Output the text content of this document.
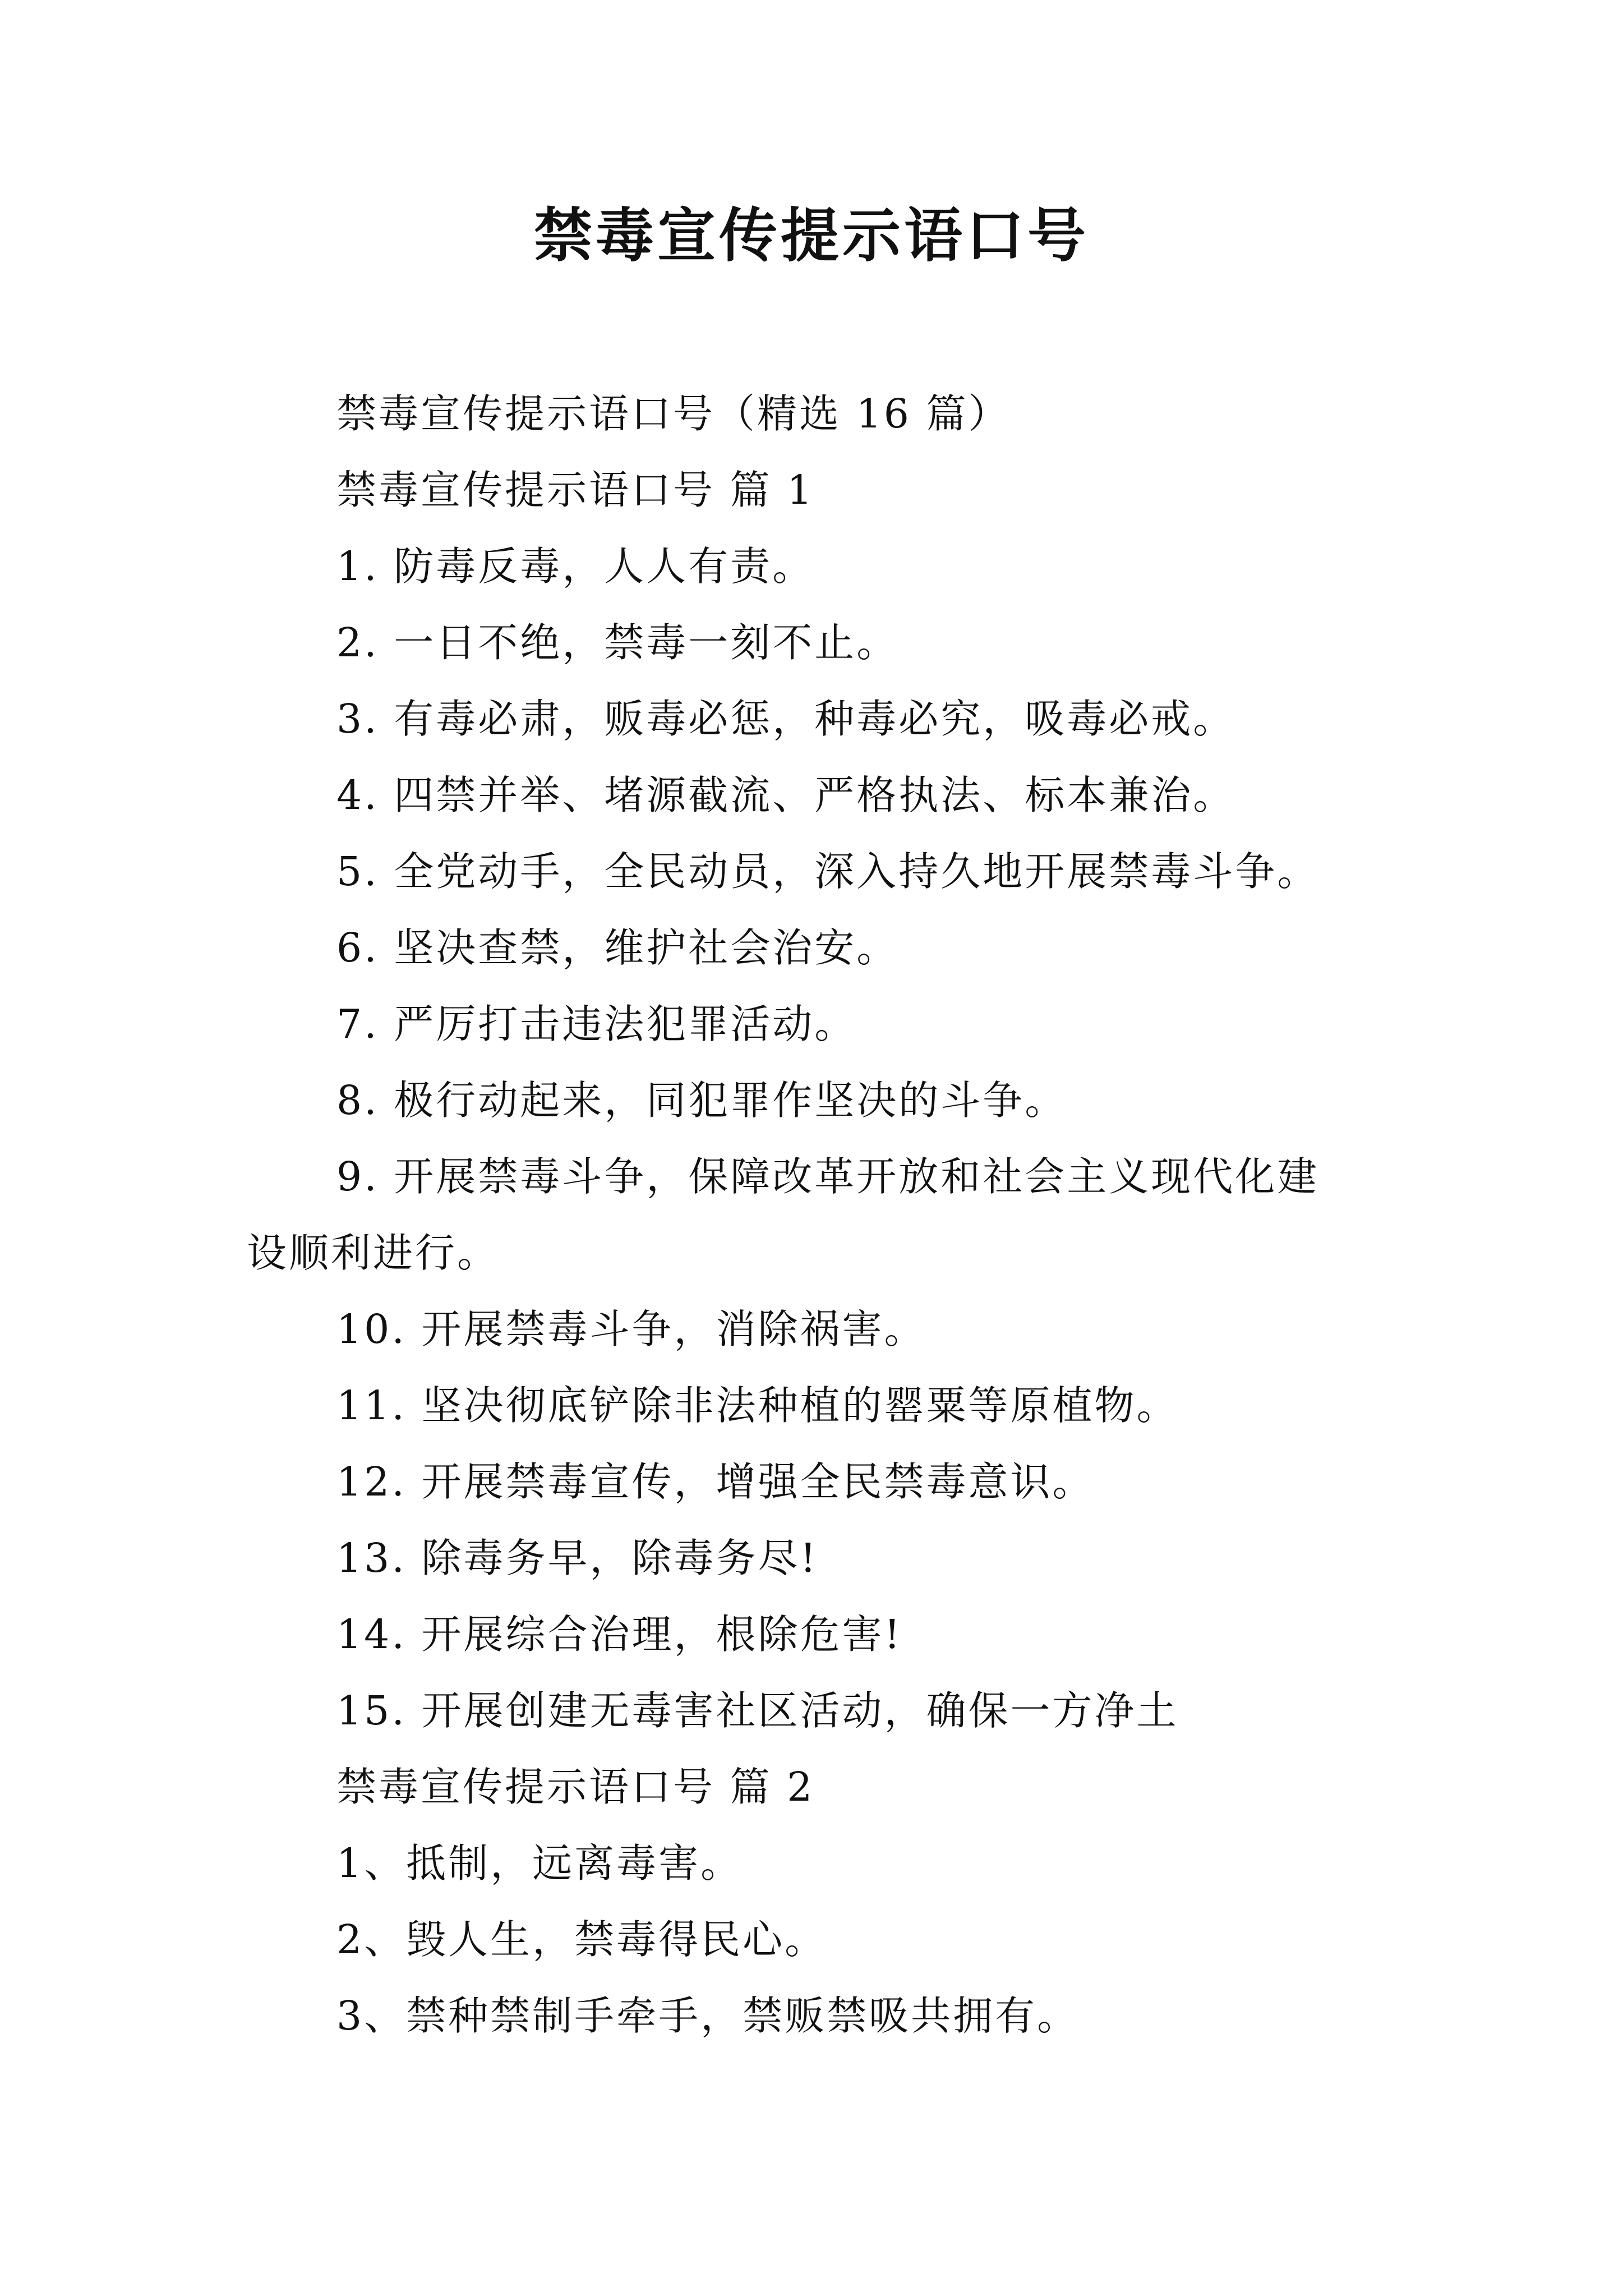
禁毒宣传提示语口号

禁毒宣传提示语口号（精选 16 篇）

禁毒宣传提示语口号 篇 1

1. 防毒反毒，人人有责。

2. 一日不绝，禁毒一刻不止。

3. 有毒必肃，贩毒必惩，种毒必究，吸毒必戒。

4. 四禁并举、堵源截流、严格执法、标本兼治。

5. 全党动手，全民动员，深入持久地开展禁毒斗争。

6. 坚决查禁，维护社会治安。

7. 严厉打击违法犯罪活动。

8. 极行动起来，同犯罪作坚决的斗争。

9. 开展禁毒斗争，保障改革开放和社会主义现代化建

设顺利进行。

10. 开展禁毒斗争，消除祸害。

11. 坚决彻底铲除非法种植的罂粟等原植物。

12. 开展禁毒宣传，增强全民禁毒意识。

13. 除毒务早，除毒务尽!

14. 开展综合治理，根除危害!

15. 开展创建无毒害社区活动，确保一方净土

禁毒宣传提示语口号 篇 2

1、抵制，远离毒害。

2、毁人生，禁毒得民心。

3、禁种禁制手牵手，禁贩禁吸共拥有。
